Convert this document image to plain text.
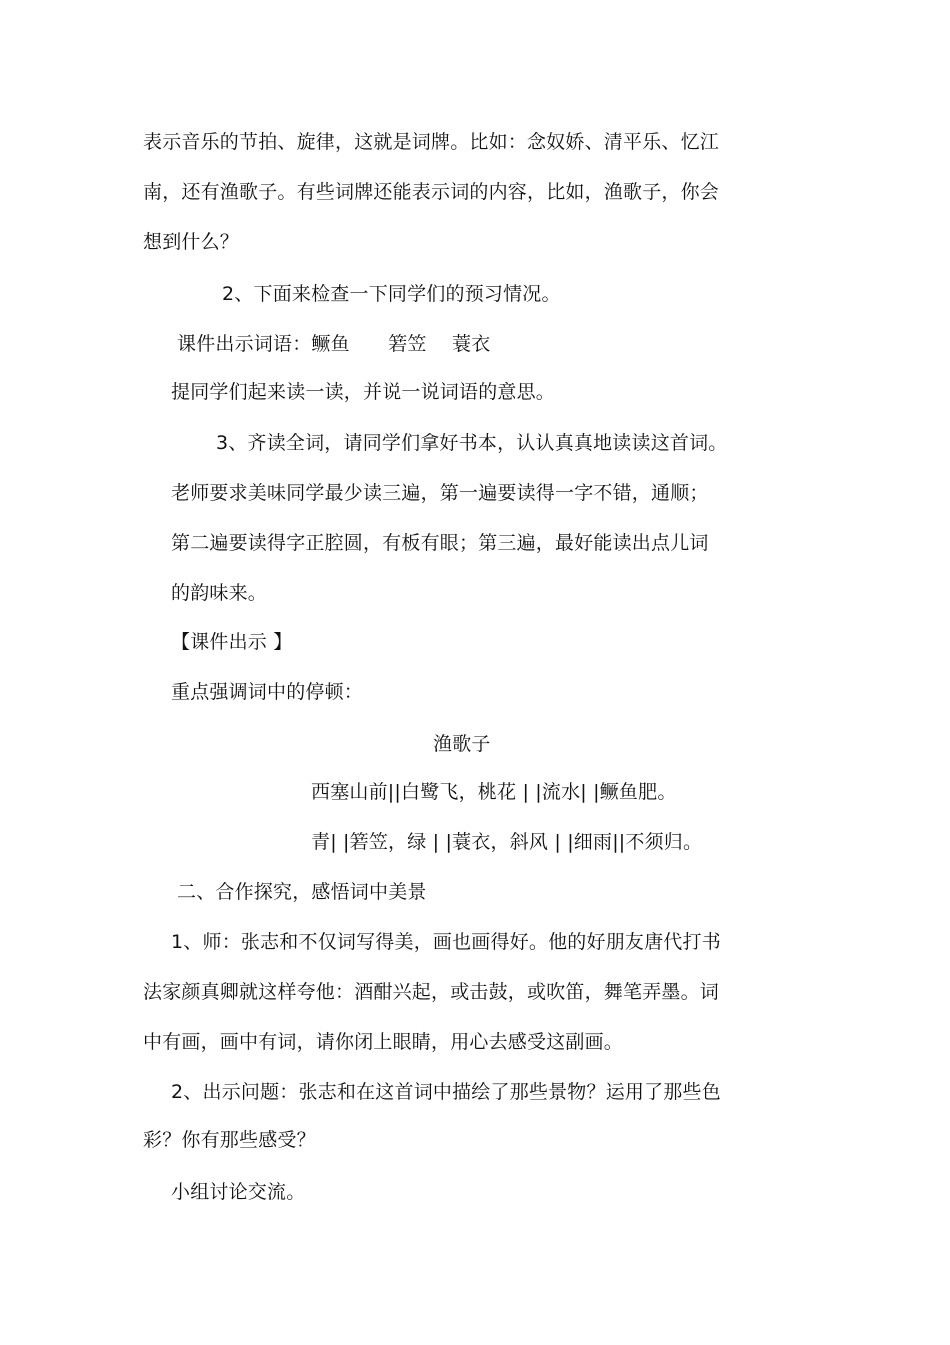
表示音乐的节拍、旋律，这就是词牌。比如：念奴娇、清平乐、忆江
南，还有渔歌子。有些词牌还能表示词的内容，比如，渔歌子，你会
想到什么？
2、下面来检查一下同学们的预习情况。
课件出示词语：鳜鱼　　箬笠　 蓑衣
提同学们起来读一读，并说一说词语的意思。
3、齐读全词，请同学们拿好书本，认认真真地读读这首词。
老师要求美味同学最少读三遍，第一遍要读得一字不错，通顺；
第二遍要读得字正腔圆，有板有眼；第三遍，最好能读出点儿词
的韵味来。
【课件出示 】
重点强调词中的停顿：
渔歌子
西塞山前||白鹭飞，桃花 | |流水| |鳜鱼肥。
青| |箬笠，绿 | |蓑衣，斜风 | |细雨||不须归。
二、合作探究，感悟词中美景
1、师：张志和不仅词写得美，画也画得好。他的好朋友唐代打书
法家颜真卿就这样夸他：酒酣兴起，或击鼓，或吹笛，舞笔弄墨。词
中有画，画中有词，请你闭上眼睛，用心去感受这副画。
2、出示问题：张志和在这首词中描绘了那些景物？运用了那些色
彩？你有那些感受？
小组讨论交流。
